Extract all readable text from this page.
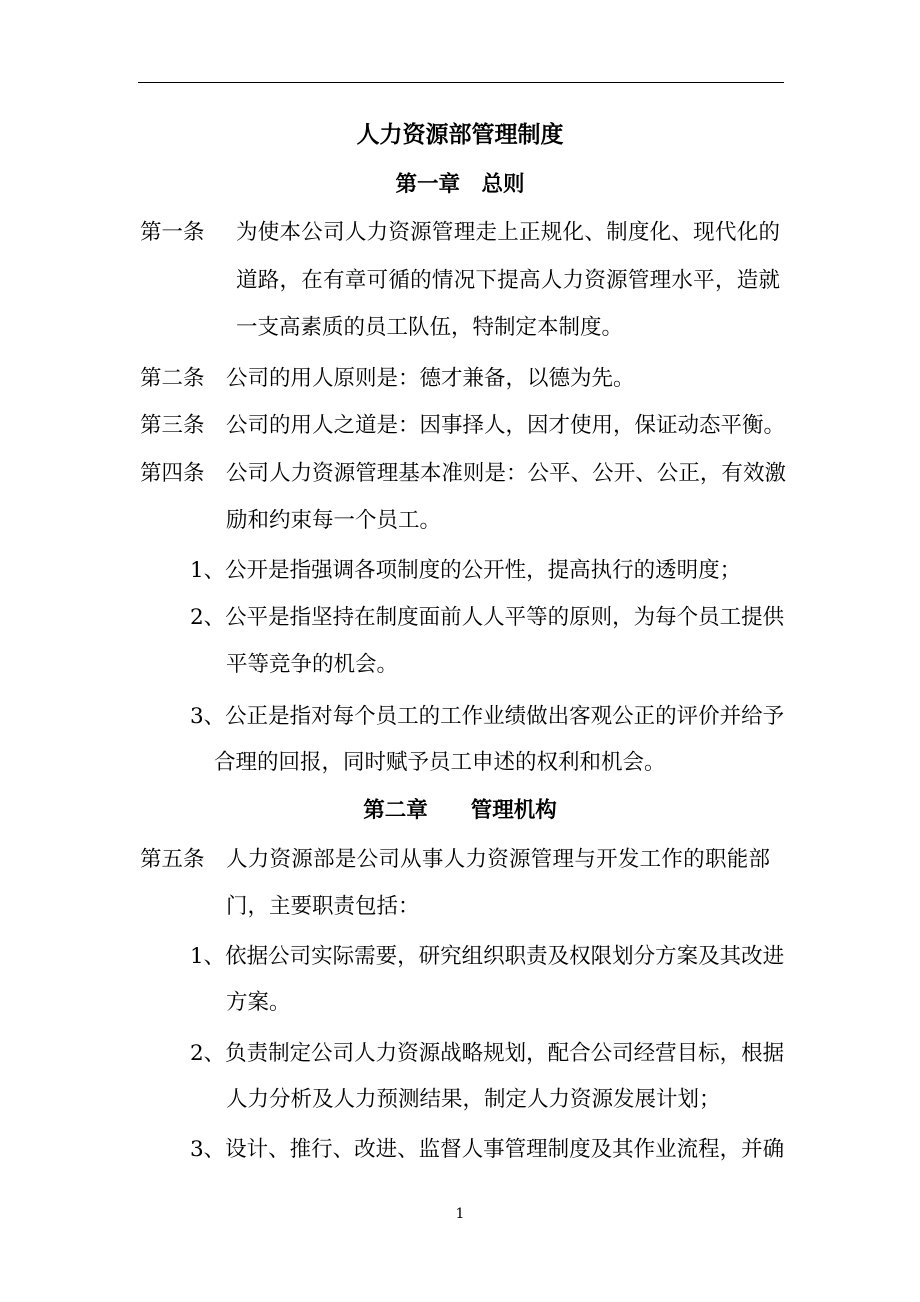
人力资源部管理制度
第一章　总则
第一条 为使本公司人力资源管理走上正规化、制度化、现代化的
道路，在有章可循的情况下提高人力资源管理水平，造就
一支高素质的员工队伍，特制定本制度。
第二条 公司的用人原则是：德才兼备，以德为先。
第三条 公司的用人之道是：因事择人，因才使用，保证动态平衡。
第四条 公司人力资源管理基本准则是：公平、公开、公正，有效激
励和约束每一个员工。
1、公开是指强调各项制度的公开性，提高执行的透明度；
2、公平是指坚持在制度面前人人平等的原则，为每个员工提供
平等竞争的机会。
3、公正是指对每个员工的工作业绩做出客观公正的评价并给予
合理的回报，同时赋予员工申述的权利和机会。
第二章　　管理机构
第五条 人力资源部是公司从事人力资源管理与开发工作的职能部
门，主要职责包括：
1、依据公司实际需要，研究组织职责及权限划分方案及其改进
方案。
2、负责制定公司人力资源战略规划，配合公司经营目标，根据
人力分析及人力预测结果，制定人力资源发展计划；
3、设计、推行、改进、监督人事管理制度及其作业流程，并确
1
